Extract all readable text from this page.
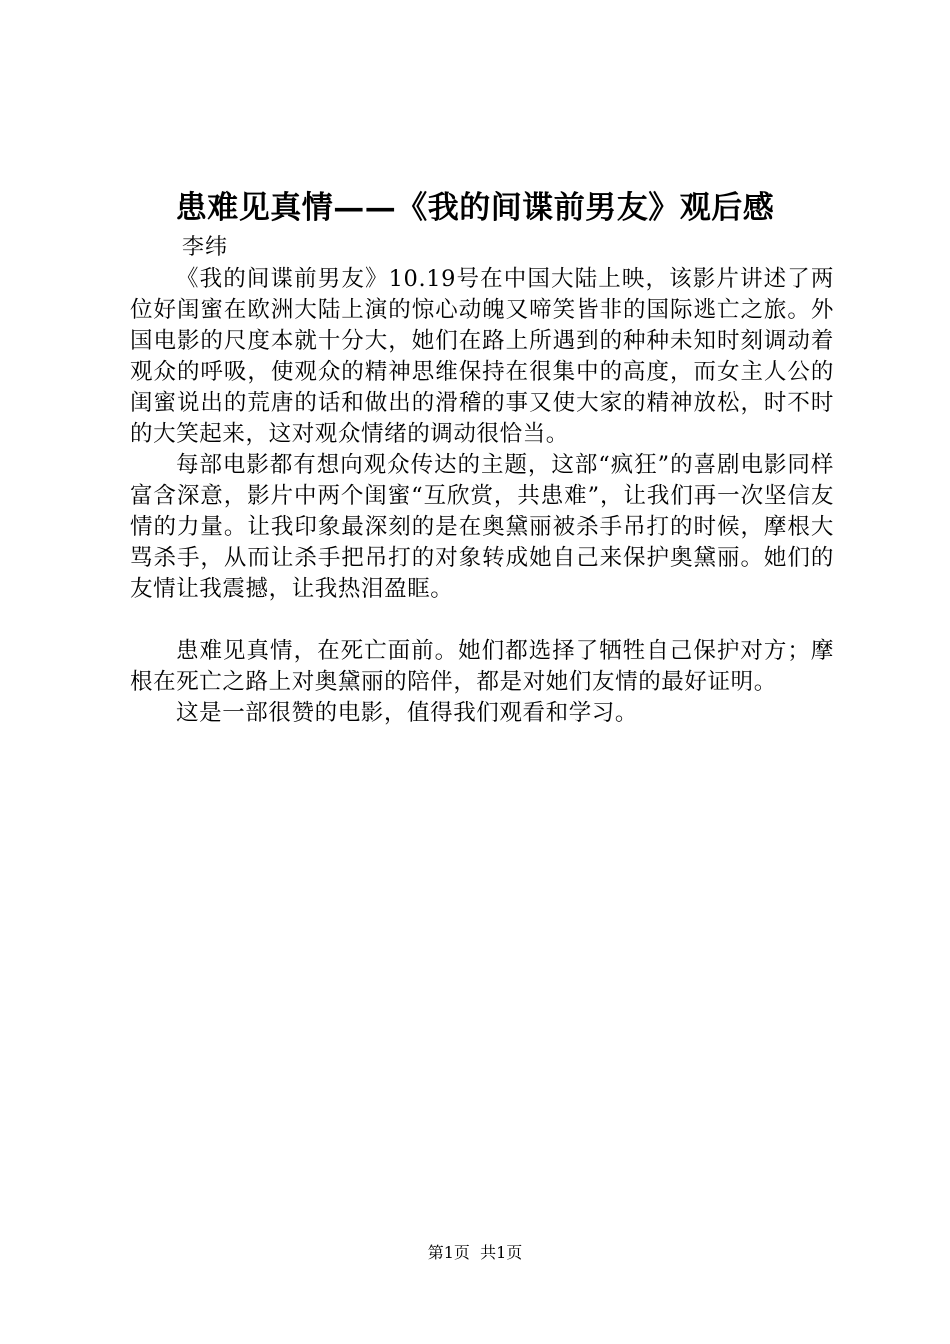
患难见真情——《我的间谍前男友》观后感
李纬

《我的间谍前男友》10.19号在中国大陆上映，该影片讲述了两位好闺蜜在欧洲大陆上演的惊心动魄又啼笑皆非的国际逃亡之旅。外国电影的尺度本就十分大，她们在路上所遇到的种种未知时刻调动着观众的呼吸，使观众的精神思维保持在很集中的高度，而女主人公的闺蜜说出的荒唐的话和做出的滑稽的事又使大家的精神放松，时不时的大笑起来，这对观众情绪的调动很恰当。

每部电影都有想向观众传达的主题，这部“疯狂”的喜剧电影同样富含深意，影片中两个闺蜜“互欣赏，共患难”，让我们再一次坚信友情的力量。让我印象最深刻的是在奥黛丽被杀手吊打的时候，摩根大骂杀手，从而让杀手把吊打的对象转成她自己来保护奥黛丽。她们的友情让我震撼，让我热泪盈眶。

患难见真情，在死亡面前。她们都选择了牺牲自己保护对方；摩根在死亡之路上对奥黛丽的陪伴，都是对她们友情的最好证明。

这是一部很赞的电影，值得我们观看和学习。

第1页  共1页
